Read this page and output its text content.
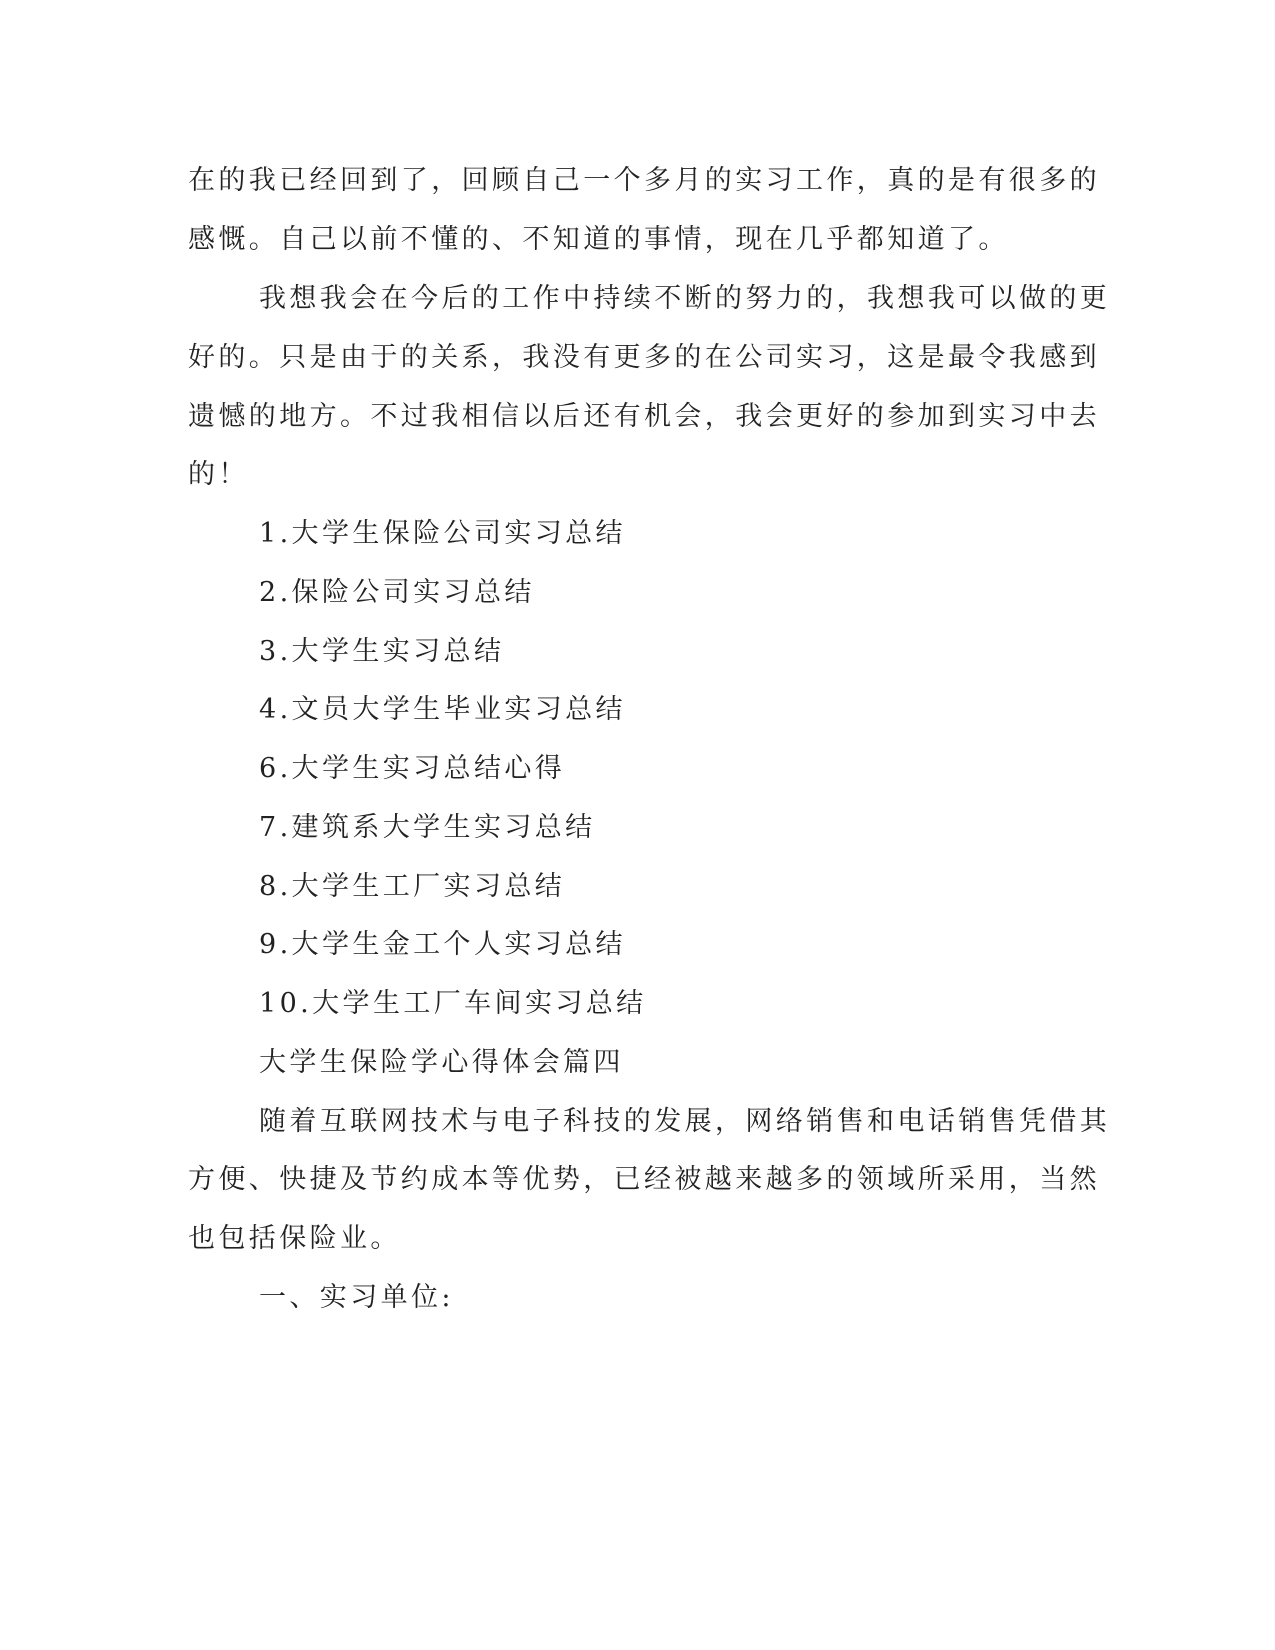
在的我已经回到了，回顾自己一个多月的实习工作，真的是有很多的
感慨。自己以前不懂的、不知道的事情，现在几乎都知道了。
我想我会在今后的工作中持续不断的努力的，我想我可以做的更
好的。只是由于的关系，我没有更多的在公司实习，这是最令我感到
遗憾的地方。不过我相信以后还有机会，我会更好的参加到实习中去
的！
1.大学生保险公司实习总结
2.保险公司实习总结
3.大学生实习总结
4.文员大学生毕业实习总结
6.大学生实习总结心得
7.建筑系大学生实习总结
8.大学生工厂实习总结
9.大学生金工个人实习总结
10.大学生工厂车间实习总结
大学生保险学心得体会篇四
随着互联网技术与电子科技的发展，网络销售和电话销售凭借其
方便、快捷及节约成本等优势，已经被越来越多的领域所采用，当然
也包括保险业。
一、实习单位:
